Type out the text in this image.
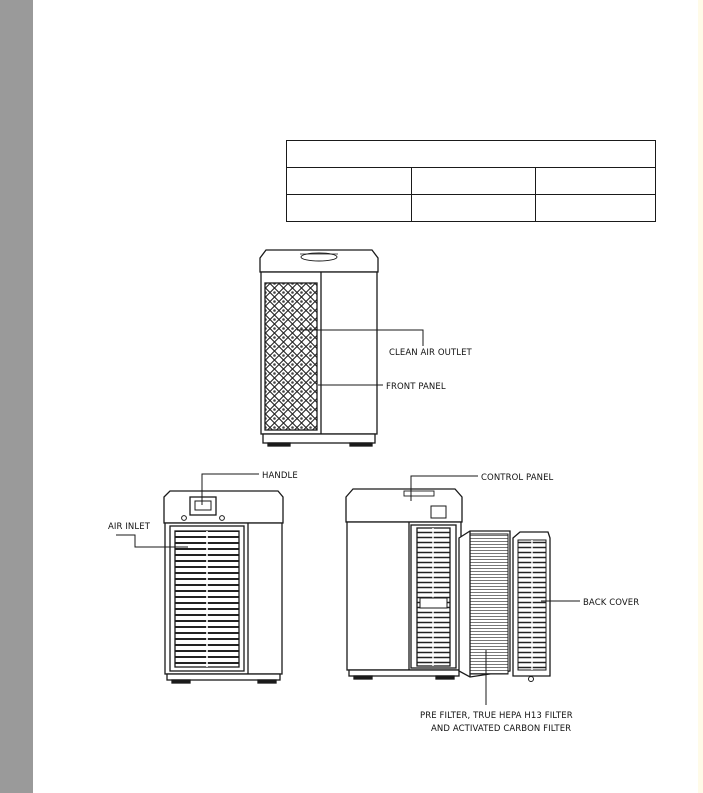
CLEAN AIR OUTLET
FRONT PANEL
HANDLE
AIR INLET
CONTROL PANEL
BACK COVER
PRE FILTER, TRUE HEPA H13 FILTER
AND ACTIVATED CARBON FILTER
